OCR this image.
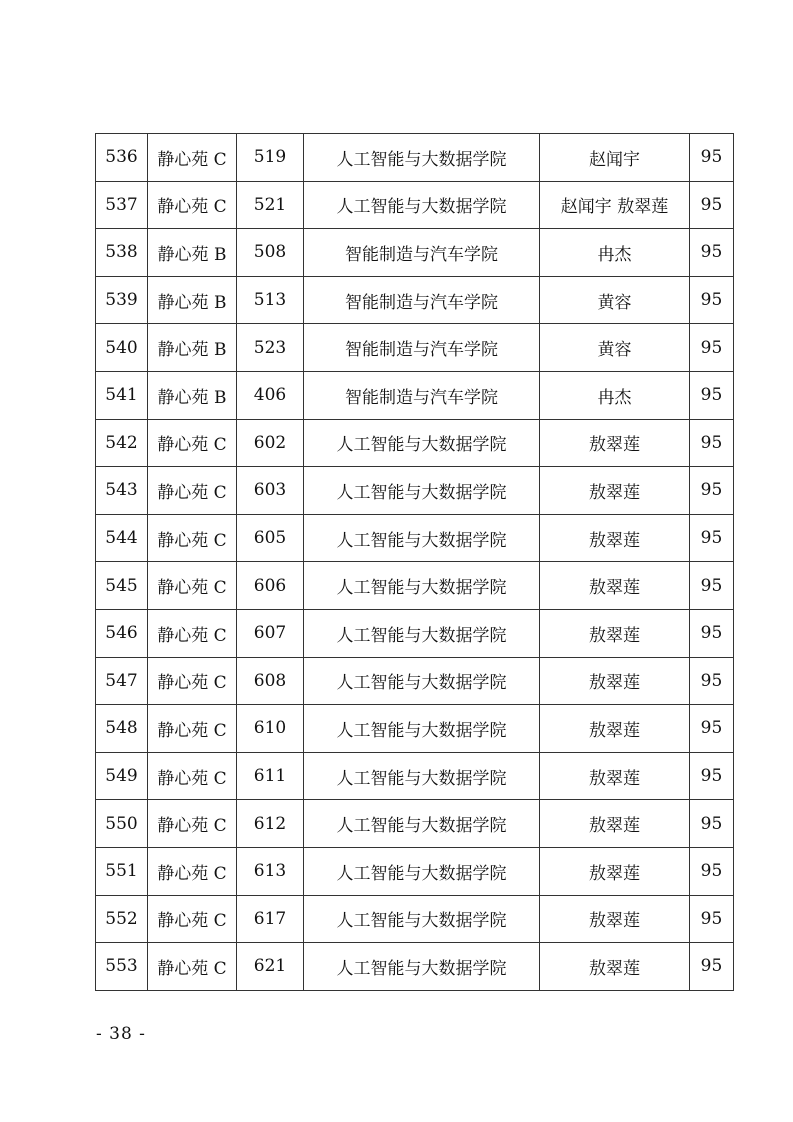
536	静心苑 C	519	人工智能与大数据学院	赵闻宇	95
537	静心苑 C	521	人工智能与大数据学院	赵闻宇 敖翠莲	95
538	静心苑 B	508	智能制造与汽车学院	冉杰	95
539	静心苑 B	513	智能制造与汽车学院	黄容	95
540	静心苑 B	523	智能制造与汽车学院	黄容	95
541	静心苑 B	406	智能制造与汽车学院	冉杰	95
542	静心苑 C	602	人工智能与大数据学院	敖翠莲	95
543	静心苑 C	603	人工智能与大数据学院	敖翠莲	95
544	静心苑 C	605	人工智能与大数据学院	敖翠莲	95
545	静心苑 C	606	人工智能与大数据学院	敖翠莲	95
546	静心苑 C	607	人工智能与大数据学院	敖翠莲	95
547	静心苑 C	608	人工智能与大数据学院	敖翠莲	95
548	静心苑 C	610	人工智能与大数据学院	敖翠莲	95
549	静心苑 C	611	人工智能与大数据学院	敖翠莲	95
550	静心苑 C	612	人工智能与大数据学院	敖翠莲	95
551	静心苑 C	613	人工智能与大数据学院	敖翠莲	95
552	静心苑 C	617	人工智能与大数据学院	敖翠莲	95
553	静心苑 C	621	人工智能与大数据学院	敖翠莲	95
- 38 -
